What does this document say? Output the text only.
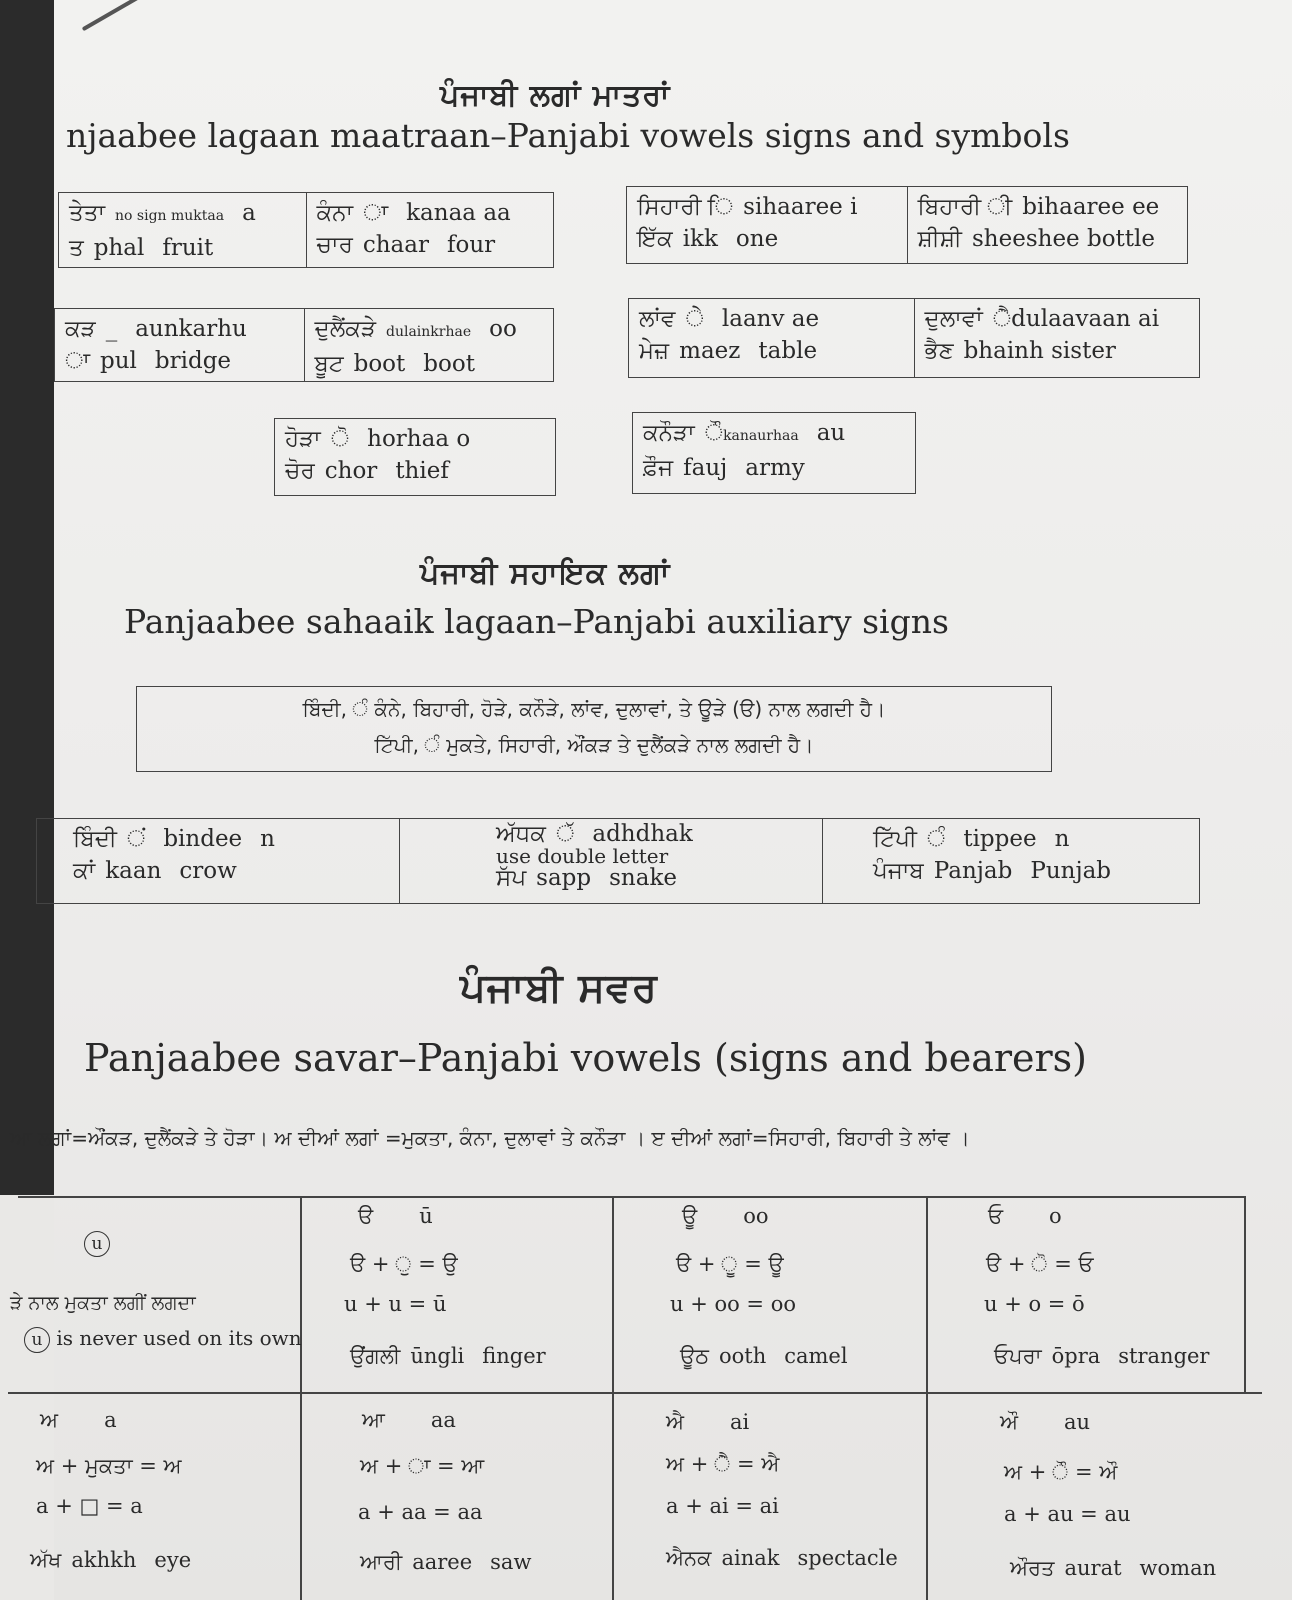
ਪੰਜਾਬੀ ਲਗਾਂ ਮਾਤਰਾਂ
njaabee lagaan maatraan–Panjabi vowels signs and symbols
ਤੇਤਾ no sign muktaa a
ਤ phal fruit
ਕੰਨਾ ਾ kanaa aa
ਚਾਰ chaar four
ਸਿਹਾਰੀ ਿ sihaaree i
ਇੱਕ ikk one
ਬਿਹਾਰੀ ੀ bihaaree ee
ਸ਼ੀਸ਼ੀ sheeshee bottle
ਕੜ _ aunkarhu
ਾ pul bridge
ਦੁਲੈਂਕੜੇ dulainkrhae oo
ਬੂਟ boot boot
ਲਾਂਵ ੇ laanv ae
ਮੇਜ਼ maez table
ਦੁਲਾਵਾਂ ੈdulaavaan ai
ਭੈਣ bhainh sister
ਹੋੜਾ ੋ horhaa o
ਚੋਰ chor thief
ਕਨੌੜਾ ੌkanaurhaa au
ਫ਼ੌਜ fauj army
ਪੰਜਾਬੀ ਸਹਾਇਕ ਲਗਾਂ
Panjaabee sahaaik lagaan–Panjabi auxiliary signs
ਬਿੰਦੀ, ੰ ਕੰਨੇ, ਬਿਹਾਰੀ, ਹੋੜੇ, ਕਨੌੜੇ, ਲਾਂਵ, ਦੁਲਾਵਾਂ, ਤੇ ਊੜੇ (ੳ) ਨਾਲ ਲਗਦੀ ਹੈ।
ਟਿੱਪੀ, ੰ ਮੁਕਤੇ, ਸਿਹਾਰੀ, ਔਂਕੜ ਤੇ ਦੁਲੈਂਕੜੇ ਨਾਲ ਲਗਦੀ ਹੈ।
ਬਿੰਦੀ ਂ bindee n
ਕਾਂ kaan crow
ਅੱਧਕ ੱ adhdhak
use double letter
ਸੱਪ sapp snake
ਟਿੱਪੀ ੰ tippee n
ਪੰਜਾਬ Panjab Punjab
ਪੰਜਾਬੀ ਸਵਰ
Panjaabee savar–Panjabi vowels (signs and bearers)
ਆ ਲਗਾਂ=ਔਂਕੜ, ਦੁਲੈਂਕੜੇ ਤੇ ਹੋੜਾ। ਅ ਦੀਆਂ ਲਗਾਂ =ਮੁਕਤਾ, ਕੰਨਾ, ਦੁਲਾਵਾਂ ਤੇ ਕਨੌੜਾ । ੲ ਦੀਆਂ ਲਗਾਂ=ਸਿਹਾਰੀ, ਬਿਹਾਰੀ ਤੇ ਲਾਂਵ ।
u
ੜੇ ਨਾਲ ਮੁਕਤਾ ਲਗੀਂ ਲਗਦਾ
u is never used on its own
ੳ ū
ੳ + ੁ = ਉ
u + u = ū
ਉਂਗਲੀ ūngli finger
ਊ oo
ੳ + ੂ = ਊ
u + oo = oo
ਊਠ ooth camel
ਓ o
ੳ + ੋ = ਓ
u + o = ō
ਓਪਰਾ ōpra stranger
ਅ a
ਅ + ਮੁਕਤਾ = ਅ
a + □ = a
ਅੱਖ akhkh eye
ਆ aa
ਅ + ਾ = ਆ
a + aa = aa
ਆਰੀ aaree saw
ਐ ai
ਅ + ੈ = ਐ
a + ai = ai
ਐਨਕ ainak spectacle
ਔ au
ਅ + ੌ = ਔ
a + au = au
ਔਰਤ aurat woman
